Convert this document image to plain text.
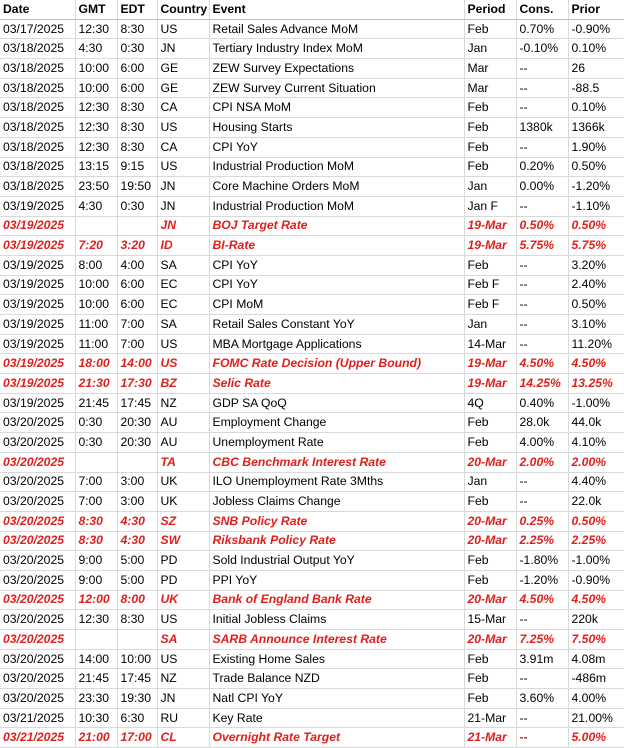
Date	GMT	EDT	Country	Event	Period	Cons.	Prior
03/17/2025	12:30	8:30	US	Retail Sales Advance MoM	Feb	0.70%	-0.90%
03/18/2025	4:30	0:30	JN	Tertiary Industry Index MoM	Jan	-0.10%	0.10%
03/18/2025	10:00	6:00	GE	ZEW Survey Expectations	Mar	--	26
03/18/2025	10:00	6:00	GE	ZEW Survey Current Situation	Mar	--	-88.5
03/18/2025	12:30	8:30	CA	CPI NSA MoM	Feb	--	0.10%
03/18/2025	12:30	8:30	US	Housing Starts	Feb	1380k	1366k
03/18/2025	12:30	8:30	CA	CPI YoY	Feb	--	1.90%
03/18/2025	13:15	9:15	US	Industrial Production MoM	Feb	0.20%	0.50%
03/18/2025	23:50	19:50	JN	Core Machine Orders MoM	Jan	0.00%	-1.20%
03/19/2025	4:30	0:30	JN	Industrial Production MoM	Jan F	--	-1.10%
03/19/2025			JN	BOJ Target Rate	19-Mar	0.50%	0.50%
03/19/2025	7:20	3:20	ID	BI-Rate	19-Mar	5.75%	5.75%
03/19/2025	8:00	4:00	SA	CPI YoY	Feb	--	3.20%
03/19/2025	10:00	6:00	EC	CPI YoY	Feb F	--	2.40%
03/19/2025	10:00	6:00	EC	CPI MoM	Feb F	--	0.50%
03/19/2025	11:00	7:00	SA	Retail Sales Constant YoY	Jan	--	3.10%
03/19/2025	11:00	7:00	US	MBA Mortgage Applications	14-Mar	--	11.20%
03/19/2025	18:00	14:00	US	FOMC Rate Decision (Upper Bound)	19-Mar	4.50%	4.50%
03/19/2025	21:30	17:30	BZ	Selic Rate	19-Mar	14.25%	13.25%
03/19/2025	21:45	17:45	NZ	GDP SA QoQ	4Q	0.40%	-1.00%
03/20/2025	0:30	20:30	AU	Employment Change	Feb	28.0k	44.0k
03/20/2025	0:30	20:30	AU	Unemployment Rate	Feb	4.00%	4.10%
03/20/2025			TA	CBC Benchmark Interest Rate	20-Mar	2.00%	2.00%
03/20/2025	7:00	3:00	UK	ILO Unemployment Rate 3Mths	Jan	--	4.40%
03/20/2025	7:00	3:00	UK	Jobless Claims Change	Feb	--	22.0k
03/20/2025	8:30	4:30	SZ	SNB Policy Rate	20-Mar	0.25%	0.50%
03/20/2025	8:30	4:30	SW	Riksbank Policy Rate	20-Mar	2.25%	2.25%
03/20/2025	9:00	5:00	PD	Sold Industrial Output YoY	Feb	-1.80%	-1.00%
03/20/2025	9:00	5:00	PD	PPI YoY	Feb	-1.20%	-0.90%
03/20/2025	12:00	8:00	UK	Bank of England Bank Rate	20-Mar	4.50%	4.50%
03/20/2025	12:30	8:30	US	Initial Jobless Claims	15-Mar	--	220k
03/20/2025			SA	SARB Announce Interest Rate	20-Mar	7.25%	7.50%
03/20/2025	14:00	10:00	US	Existing Home Sales	Feb	3.91m	4.08m
03/20/2025	21:45	17:45	NZ	Trade Balance NZD	Feb	--	-486m
03/20/2025	23:30	19:30	JN	Natl CPI YoY	Feb	3.60%	4.00%
03/21/2025	10:30	6:30	RU	Key Rate	21-Mar	--	21.00%
03/21/2025	21:00	17:00	CL	Overnight Rate Target	21-Mar	--	5.00%
